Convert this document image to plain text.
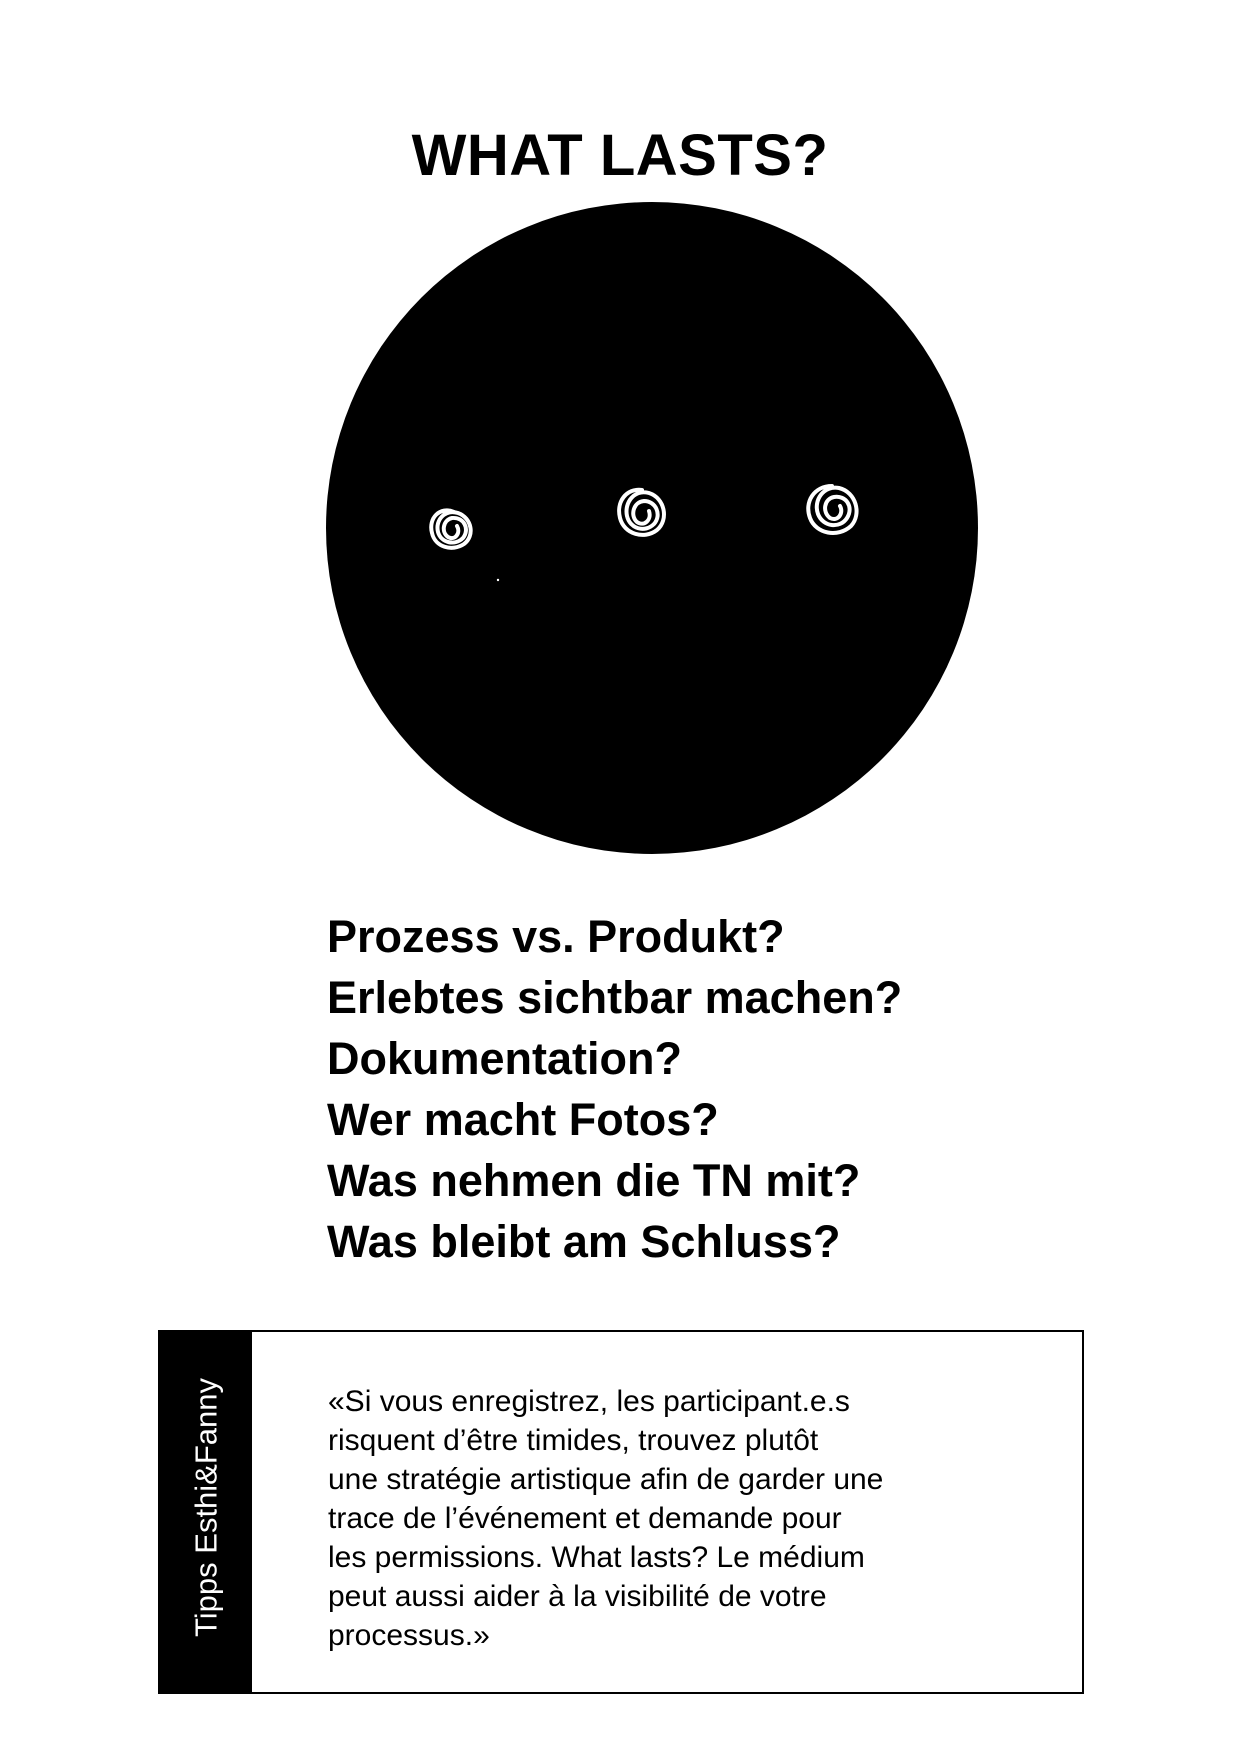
WHAT LASTS?
Prozess vs. Produkt?
Erlebtes sichtbar machen?
Dokumentation?
Wer macht Fotos?
Was nehmen die TN mit?
Was bleibt am Schluss?
Tipps Esthi&Fanny	«Si vous enregistrez, les participant.e.s
risquent d’être timides, trouvez plutôt
une stratégie artistique afin de garder une
trace de l’événement et demande pour
les permissions. What lasts? Le médium
peut aussi aider à la visibilité de votre
processus.»
